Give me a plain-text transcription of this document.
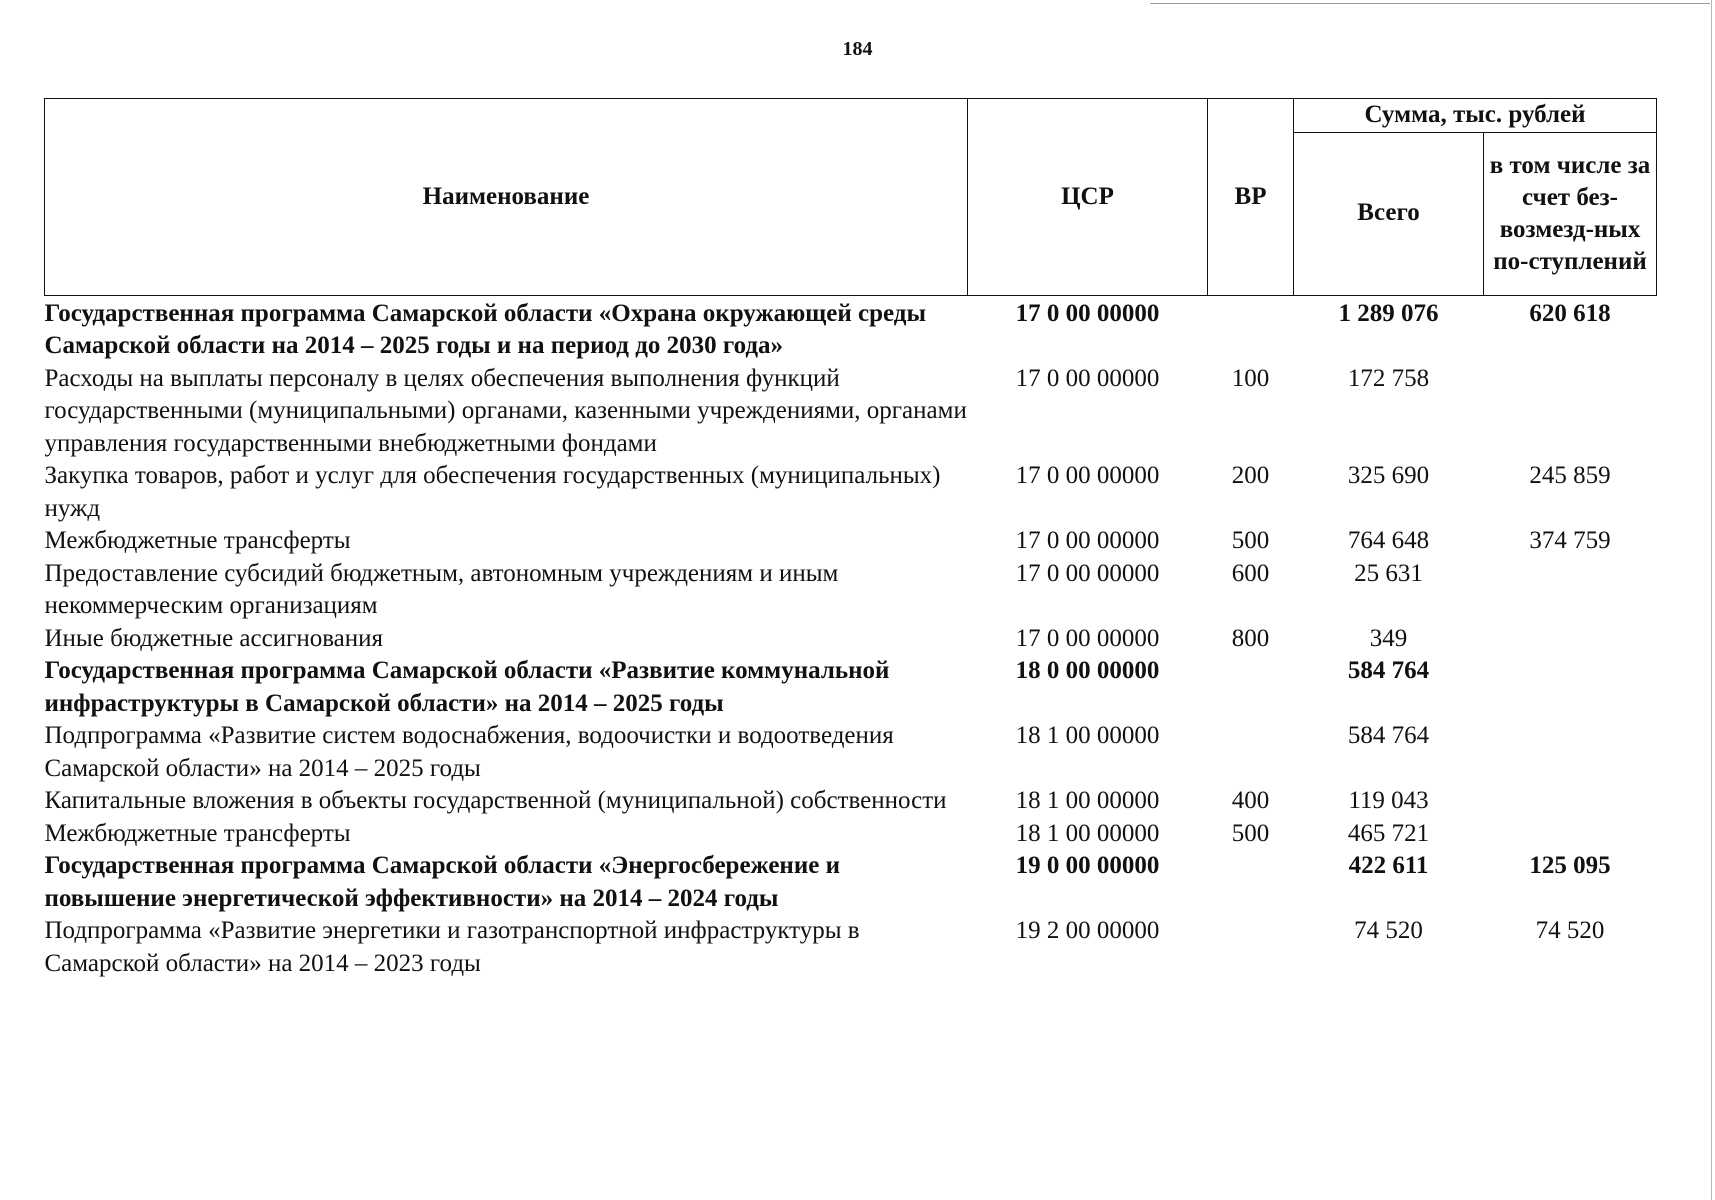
184
Наименование	ЦСР	ВР	Сумма, тыс. рублей	
			Всего	в том числе за счет без-возмезд-ных по-ступлений
Государственная программа Самарской области «Охрана окружающей среды Самарской области на 2014 – 2025 годы и на период до 2030 года»	17 0 00 00000		1 289 076	620 618
Расходы на выплаты персоналу в целях обеспечения выполнения функций государственными (муниципальными) органами, казенными учреждениями, органами управления государственными внебюджетными фондами	17 0 00 00000	100	172 758	
Закупка товаров, работ и услуг для обеспечения государственных (муниципальных) нужд	17 0 00 00000	200	325 690	245 859
Межбюджетные трансферты	17 0 00 00000	500	764 648	374 759
Предоставление субсидий бюджетным, автономным учреждениям и иным некоммерческим организациям	17 0 00 00000	600	25 631	
Иные бюджетные ассигнования	17 0 00 00000	800	349	
Государственная программа Самарской области «Развитие коммунальной инфраструктуры в Самарской области» на 2014 – 2025 годы	18 0 00 00000		584 764	
Подпрограмма «Развитие систем водоснабжения, водоочистки и водоотведения Самарской области» на 2014 – 2025 годы	18 1 00 00000		584 764	
Капитальные вложения в объекты государственной (муниципальной) собственности	18 1 00 00000	400	119 043	
Межбюджетные трансферты	18 1 00 00000	500	465 721	
Государственная программа Самарской области «Энергосбережение и повышение энергетической эффективности» на 2014 – 2024 годы	19 0 00 00000		422 611	125 095
Подпрограмма «Развитие энергетики и газотранспортной инфраструктуры в Самарской области» на 2014 – 2023 годы	19 2 00 00000		74 520	74 520
